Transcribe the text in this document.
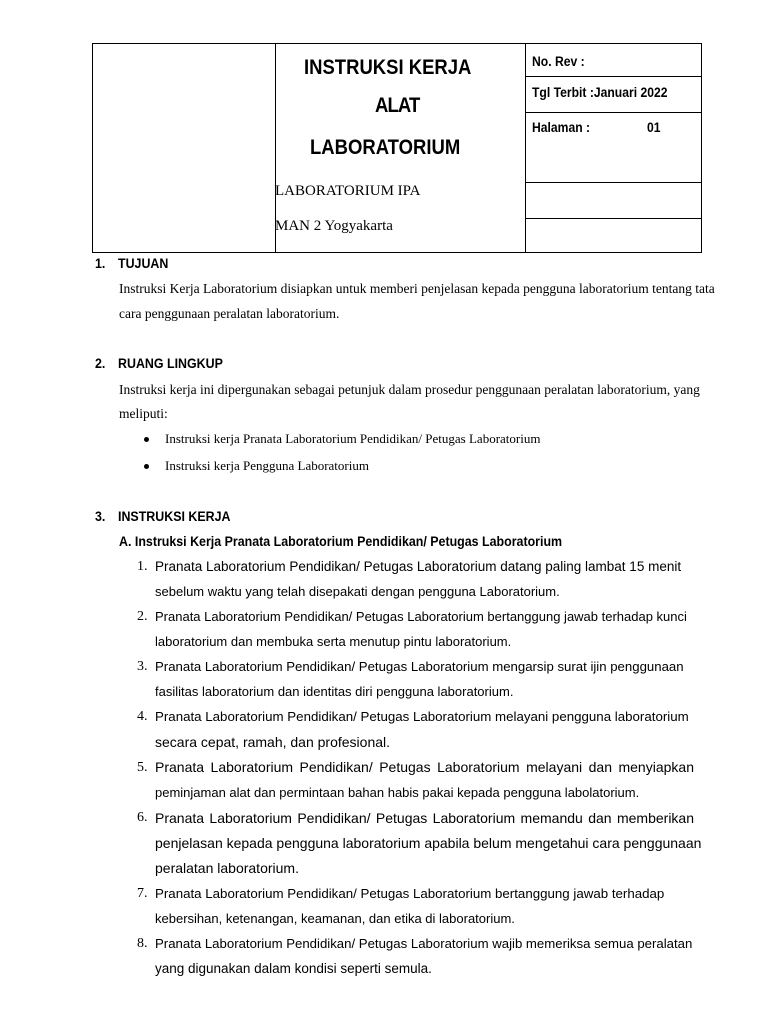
INSTRUKSI KERJA
ALAT
LABORATORIUM
LABORATORIUM IPA
MAN 2 Yogyakarta
No. Rev :
Tgl Terbit :Januari 2022
Halaman :	01
1. TUJUAN
Instruksi Kerja Laboratorium disiapkan untuk memberi penjelasan kepada pengguna laboratorium tentang tata
cara penggunaan peralatan laboratorium.
2. RUANG LINGKUP
Instruksi kerja ini dipergunakan sebagai petunjuk dalam prosedur penggunaan peralatan laboratorium, yang
meliputi:
Instruksi kerja Pranata Laboratorium Pendidikan/ Petugas Laboratorium
Instruksi kerja Pengguna Laboratorium
3. INSTRUKSI KERJA
A. Instruksi Kerja Pranata Laboratorium Pendidikan/ Petugas Laboratorium
1. Pranata Laboratorium Pendidikan/ Petugas Laboratorium datang paling lambat 15 menit
sebelum waktu yang telah disepakati dengan pengguna Laboratorium.
2. Pranata Laboratorium Pendidikan/ Petugas Laboratorium bertanggung jawab terhadap kunci
laboratorium dan membuka serta menutup pintu laboratorium.
3. Pranata Laboratorium Pendidikan/ Petugas Laboratorium mengarsip surat ijin penggunaan
fasilitas laboratorium dan identitas diri pengguna laboratorium.
4. Pranata Laboratorium Pendidikan/ Petugas Laboratorium melayani pengguna laboratorium
secara cepat, ramah, dan profesional.
5. Pranata Laboratorium Pendidikan/ Petugas Laboratorium melayani dan menyiapkan
peminjaman alat dan permintaan bahan habis pakai kepada pengguna labolatorium.
6. Pranata Laboratorium Pendidikan/ Petugas Laboratorium memandu dan memberikan
penjelasan kepada pengguna laboratorium apabila belum mengetahui cara penggunaan
peralatan laboratorium.
7. Pranata Laboratorium Pendidikan/ Petugas Laboratorium bertanggung jawab terhadap
kebersihan, ketenangan, keamanan, dan etika di laboratorium.
8. Pranata Laboratorium Pendidikan/ Petugas Laboratorium wajib memeriksa semua peralatan
yang digunakan dalam kondisi seperti semula.
